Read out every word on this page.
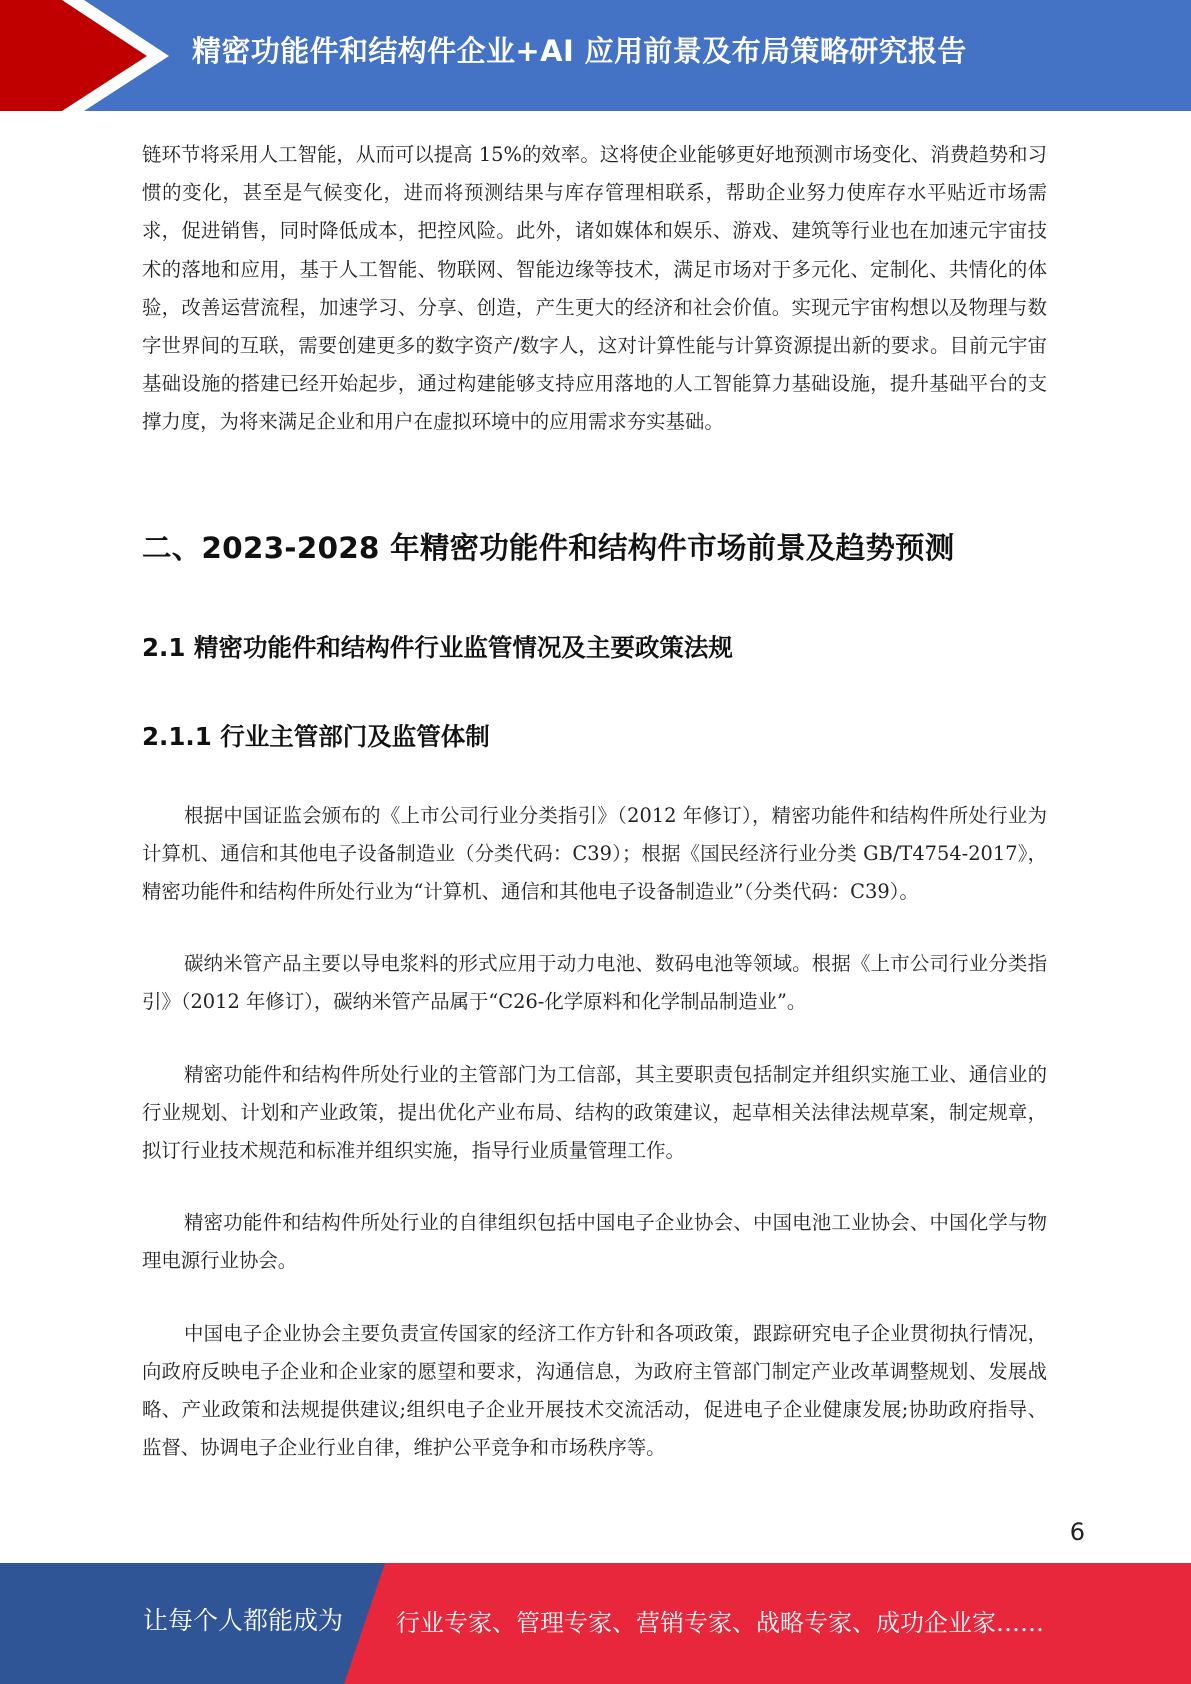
精密功能件和结构件企业+AI 应用前景及布局策略研究报告

链环节将采用人工智能，从而可以提高 15%的效率。这将使企业能够更好地预测市场变化、消费趋势和习惯的变化，甚至是气候变化，进而将预测结果与库存管理相联系，帮助企业努力使库存水平贴近市场需求，促进销售，同时降低成本，把控风险。此外，诸如媒体和娱乐、游戏、建筑等行业也在加速元宇宙技术的落地和应用，基于人工智能、物联网、智能边缘等技术，满足市场对于多元化、定制化、共情化的体验，改善运营流程，加速学习、分享、创造，产生更大的经济和社会价值。实现元宇宙构想以及物理与数字世界间的互联，需要创建更多的数字资产/数字人，这对计算性能与计算资源提出新的要求。目前元宇宙基础设施的搭建已经开始起步，通过构建能够支持应用落地的人工智能算力基础设施，提升基础平台的支撑力度，为将来满足企业和用户在虚拟环境中的应用需求夯实基础。

二、2023-2028 年精密功能件和结构件市场前景及趋势预测
2.1 精密功能件和结构件行业监管情况及主要政策法规
2.1.1 行业主管部门及监管体制

根据中国证监会颁布的《上市公司行业分类指引》（2012 年修订），精密功能件和结构件所处行业为计算机、通信和其他电子设备制造业（分类代码：C39）；根据《国民经济行业分类 GB/T4754-2017》，精密功能件和结构件所处行业为“计算机、通信和其他电子设备制造业”（分类代码：C39）。

碳纳米管产品主要以导电浆料的形式应用于动力电池、数码电池等领域。根据《上市公司行业分类指引》（2012 年修订），碳纳米管产品属于“C26-化学原料和化学制品制造业”。

精密功能件和结构件所处行业的主管部门为工信部，其主要职责包括制定并组织实施工业、通信业的行业规划、计划和产业政策，提出优化产业布局、结构的政策建议，起草相关法律法规草案，制定规章，拟订行业技术规范和标准并组织实施，指导行业质量管理工作。

精密功能件和结构件所处行业的自律组织包括中国电子企业协会、中国电池工业协会、中国化学与物理电源行业协会。

中国电子企业协会主要负责宣传国家的经济工作方针和各项政策，跟踪研究电子企业贯彻执行情况，向政府反映电子企业和企业家的愿望和要求，沟通信息，为政府主管部门制定产业改革调整规划、发展战略、产业政策和法规提供建议;组织电子企业开展技术交流活动，促进电子企业健康发展;协助政府指导、监督、协调电子企业行业自律，维护公平竞争和市场秩序等。

6
让每个人都能成为 行业专家、管理专家、营销专家、战略专家、成功企业家……
